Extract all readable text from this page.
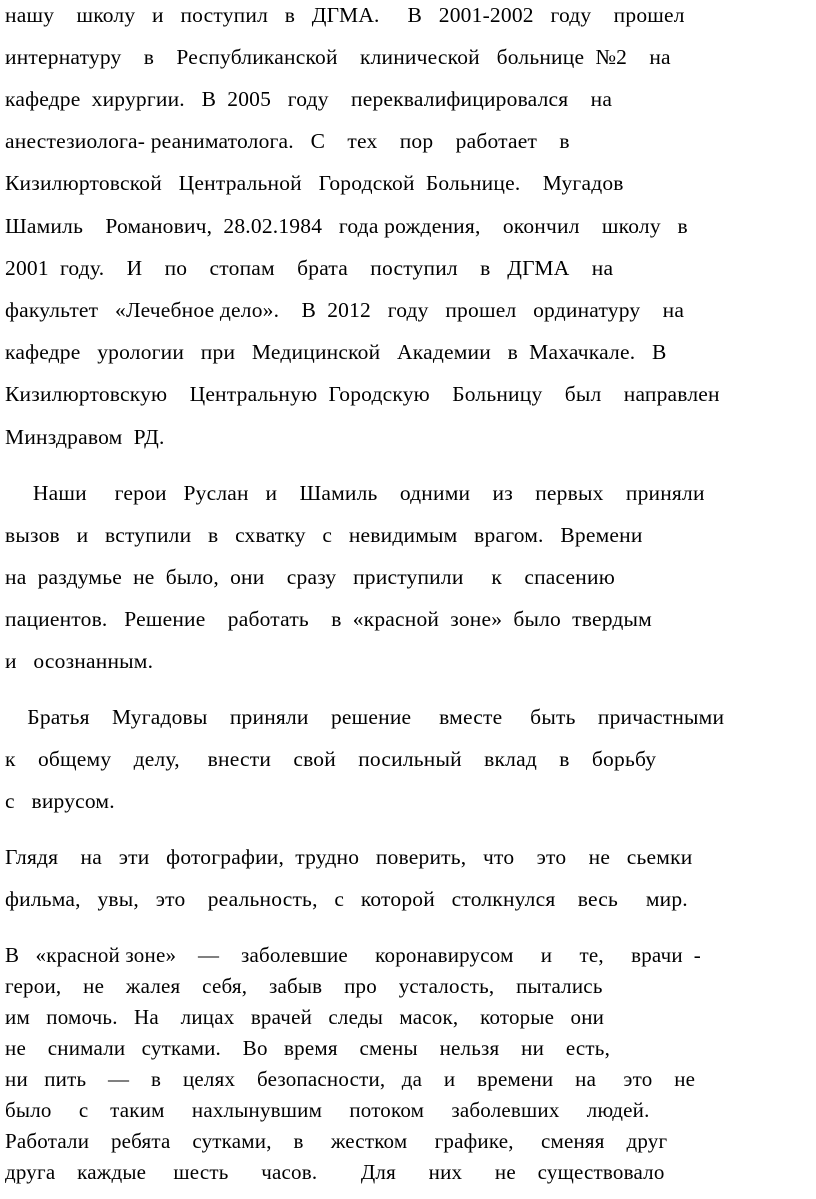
нашу    школу   и   поступил   в   ДГМА.     В   2001-2002   году    прошел
интернатуру    в    Республиканской    клинической   больнице  №2    на
кафедре  хирургии.   В  2005   году    переквалифицировался    на
анестезиолога- реаниматолога.   С    тех    пор    работает    в
Кизилюртовской   Центральной   Городской  Больнице.    Мугадов
Шамиль    Романович,  28.02.1984   года рождения,    окончил    школу   в
2001  году.    И    по    стопам    брата    поступил    в   ДГМА    на
факультет   «Лечебное дело».    В  2012   году   прошел   ординатуру    на
кафедре   урологии   при   Медицинской   Академии   в  Махачкале.   В
Кизилюртовскую    Центральную  Городскую    Больницу    был    направлен
Минздравом  РД.
Наши     герои   Руслан   и    Шамиль    одними    из    первых    приняли
вызов   и   вступили   в   схватку   с   невидимым   врагом.   Времени
на  раздумье  не  было,  они    сразу   приступили     к    спасению
пациентов.   Решение    работать    в  «красной  зоне»  было  твердым
и   осознанным.
Братья    Мугадовы    приняли    решение     вместе     быть    причастными
к    общему    делу,     внести    свой    посильный    вклад    в    борьбу
с   вирусом.
Глядя    на   эти   фотографии,  трудно   поверить,   что    это    не   сьемки
фильма,   увы,   это    реальность,   с   которой   столкнулся    весь     мир.
В   «красной зоне»    —    заболевшие     коронавирусом     и     те,     врачи  -
герои,    не    жалея    себя,    забыв    про    усталость,    пытались
им   помочь.   На    лицах   врачей   следы   масок,    которые   они
не    снимали   сутками.    Во   время    смены    нельзя    ни    есть,
ни   пить    —    в    целях    безопасности,   да    и    времени    на     это    не
было     с    таким     нахлынувшим     потоком     заболевших     людей.
Работали    ребята    сутками,    в     жестком     графике,     сменяя    друг
друга    каждые     шесть      часов.        Для      них      не    существовало
